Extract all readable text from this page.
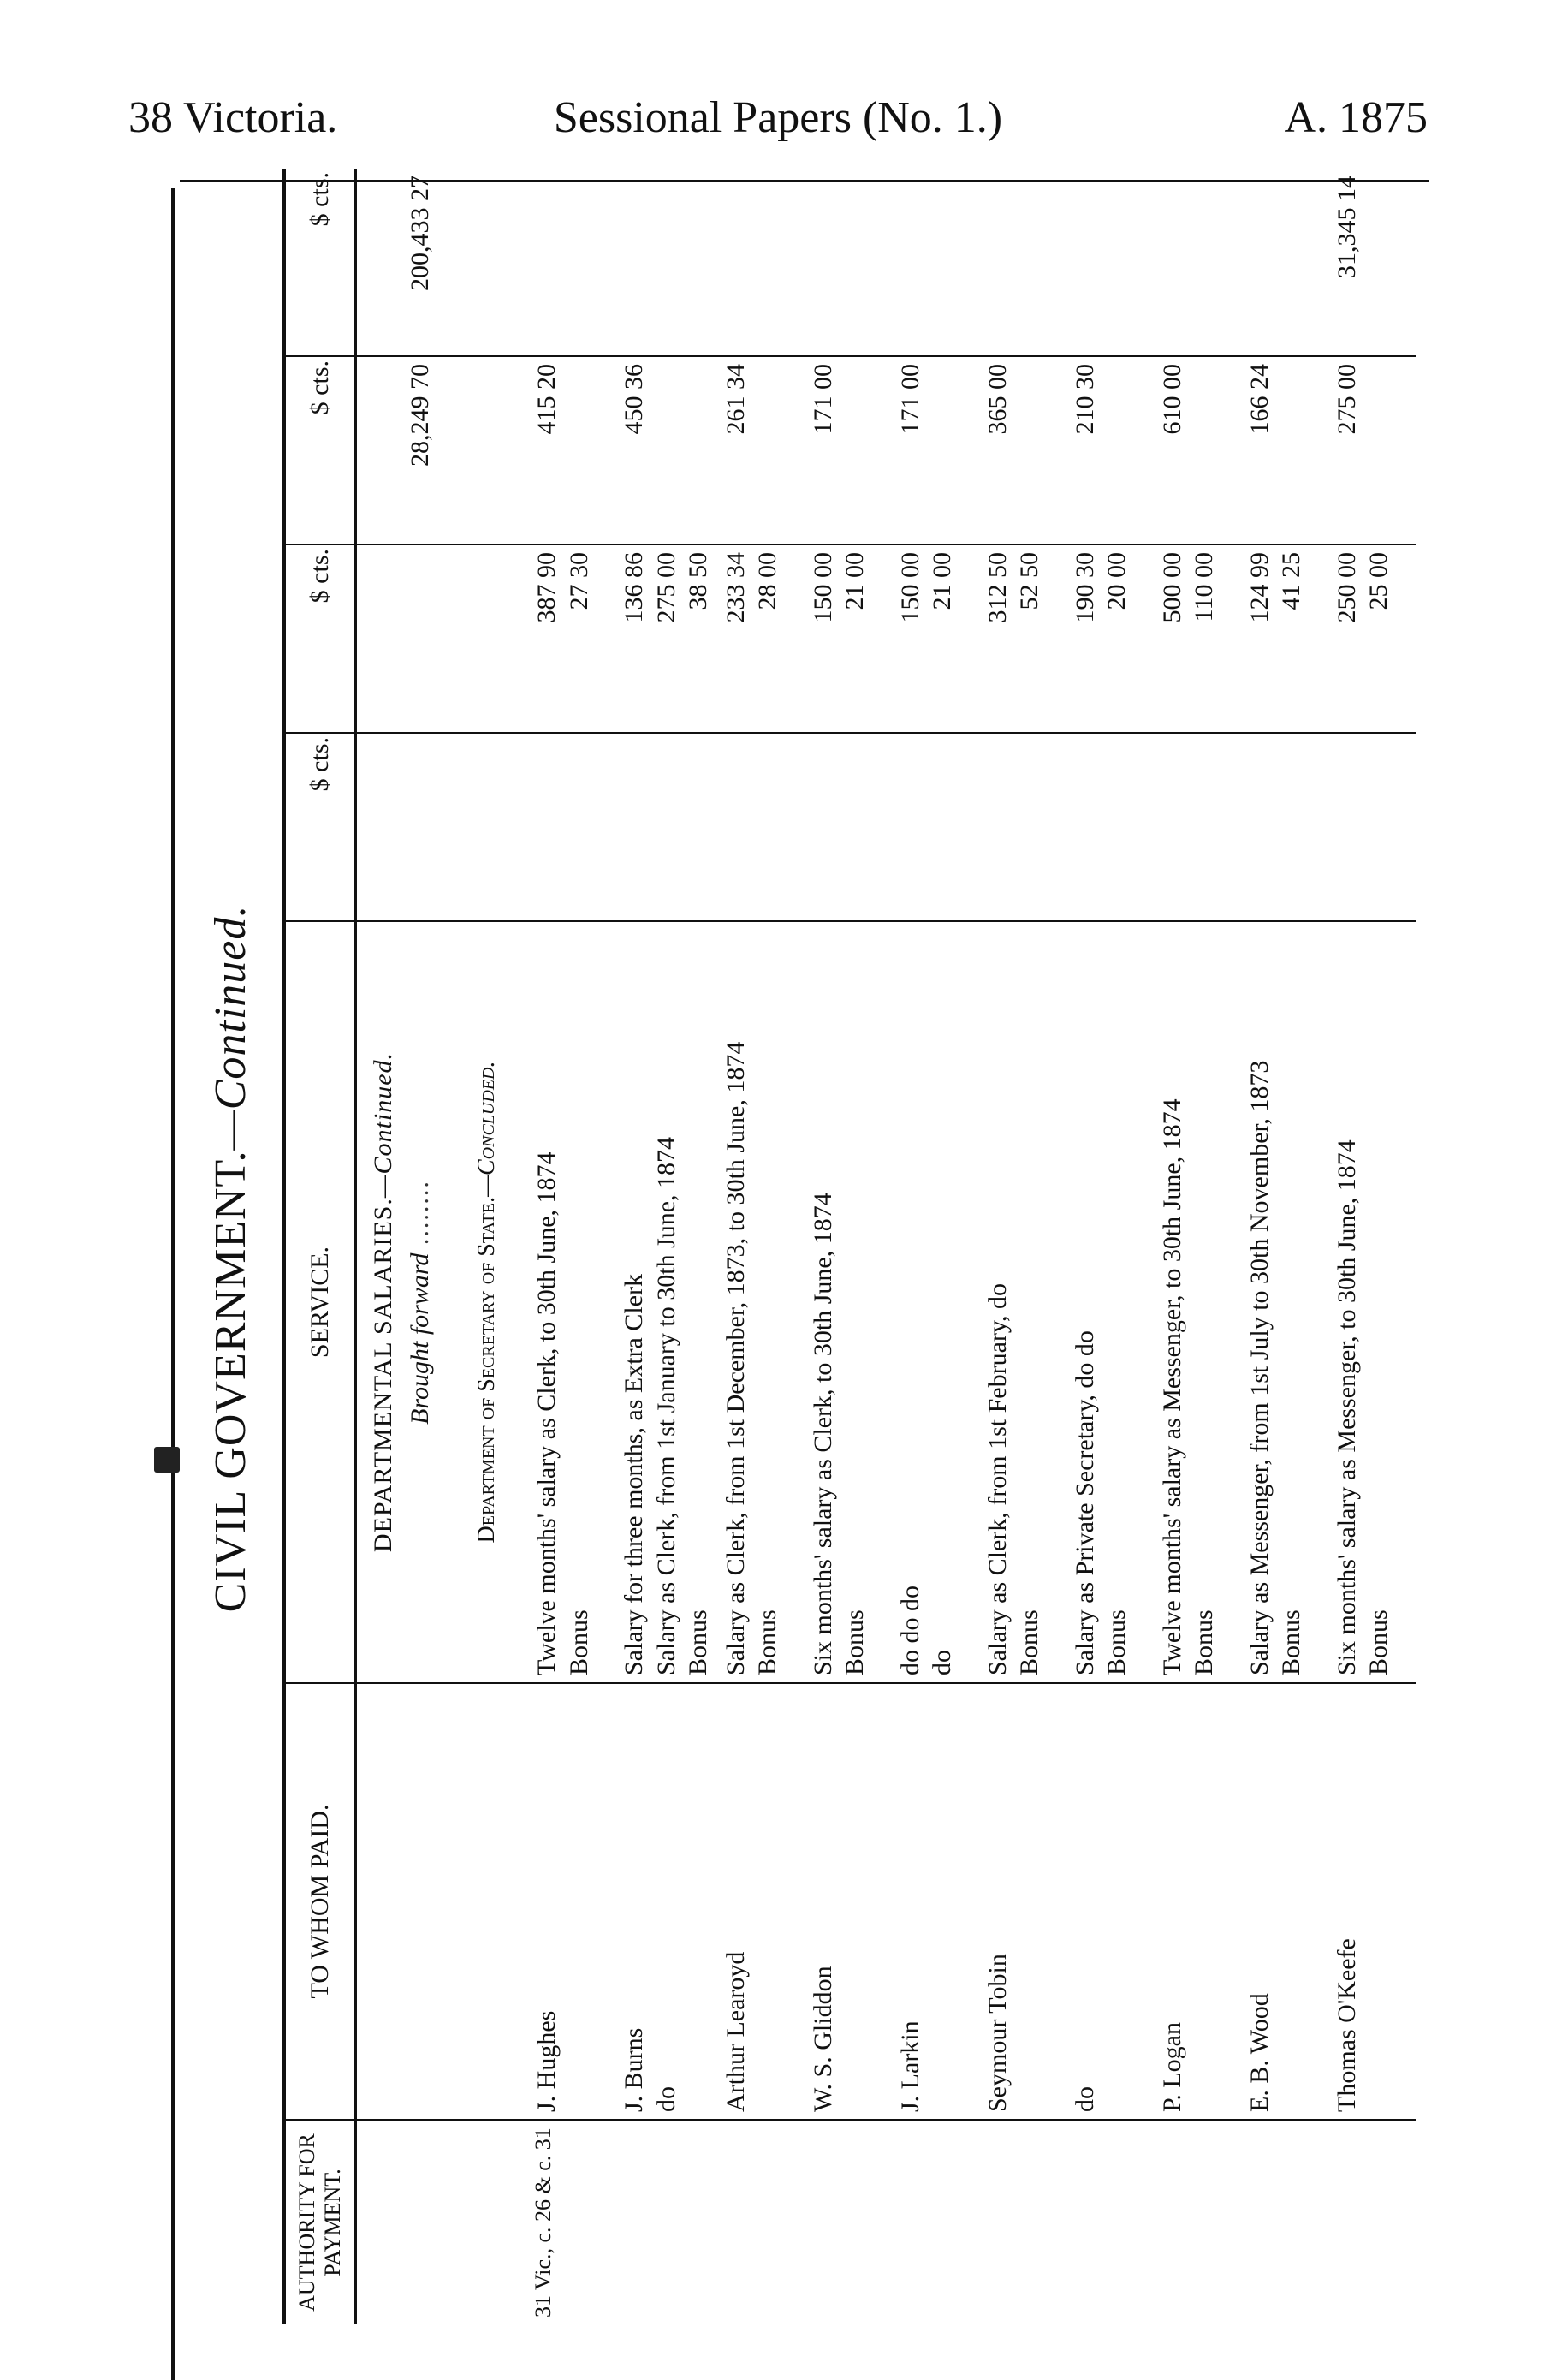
38 Victoria.	Sessional Papers (No. 1.)	A. 1875
CIVIL GOVERNMENT.—Continued.
AUTHORITY FOR PAYMENT.	TO WHOM PAID.	SERVICE.	$ cts.	$ cts.	$ cts.	$ cts.
		DEPARTMENTAL SALARIES.—Continued.				
		Brought forward ........			28,249 70	200,433 27
		Department of Secretary of State.—Concluded.				
31 Vic., c. 26 & c. 31	J. Hughes	Twelve months' salary as Clerk, to 30th June, 1874 Bonus		387 90 27 30	415 20	

	J. Burns do	Salary for three months, as Extra Clerk Salary as Clerk, from 1st January to 30th June, 1874 Bonus		136 86 275 00 38 50	450 36	

	Arthur Learoyd	Salary as Clerk, from 1st December, 1873, to 30th June, 1874 Bonus		233 34 28 00	261 34	

	W. S. Gliddon	Six months' salary as Clerk, to 30th June, 1874 Bonus		150 00 21 00	171 00	

	J. Larkin	do do do do		150 00 21 00	171 00	

	Seymour Tobin	Salary as Clerk, from 1st February, do Bonus		312 50 52 50	365 00	

	do	Salary as Private Secretary, do do Bonus		190 30 20 00	210 30	

	P. Logan	Twelve months' salary as Messenger, to 30th June, 1874 Bonus		500 00 110 00	610 00	

	E. B. Wood	Salary as Messenger, from 1st July to 30th November, 1873 Bonus		124 99 41 25	166 24	

	Thomas O'Keefe	Six months' salary as Messenger, to 30th June, 1874 Bonus		250 00 25 00	275 00	31,345 14
